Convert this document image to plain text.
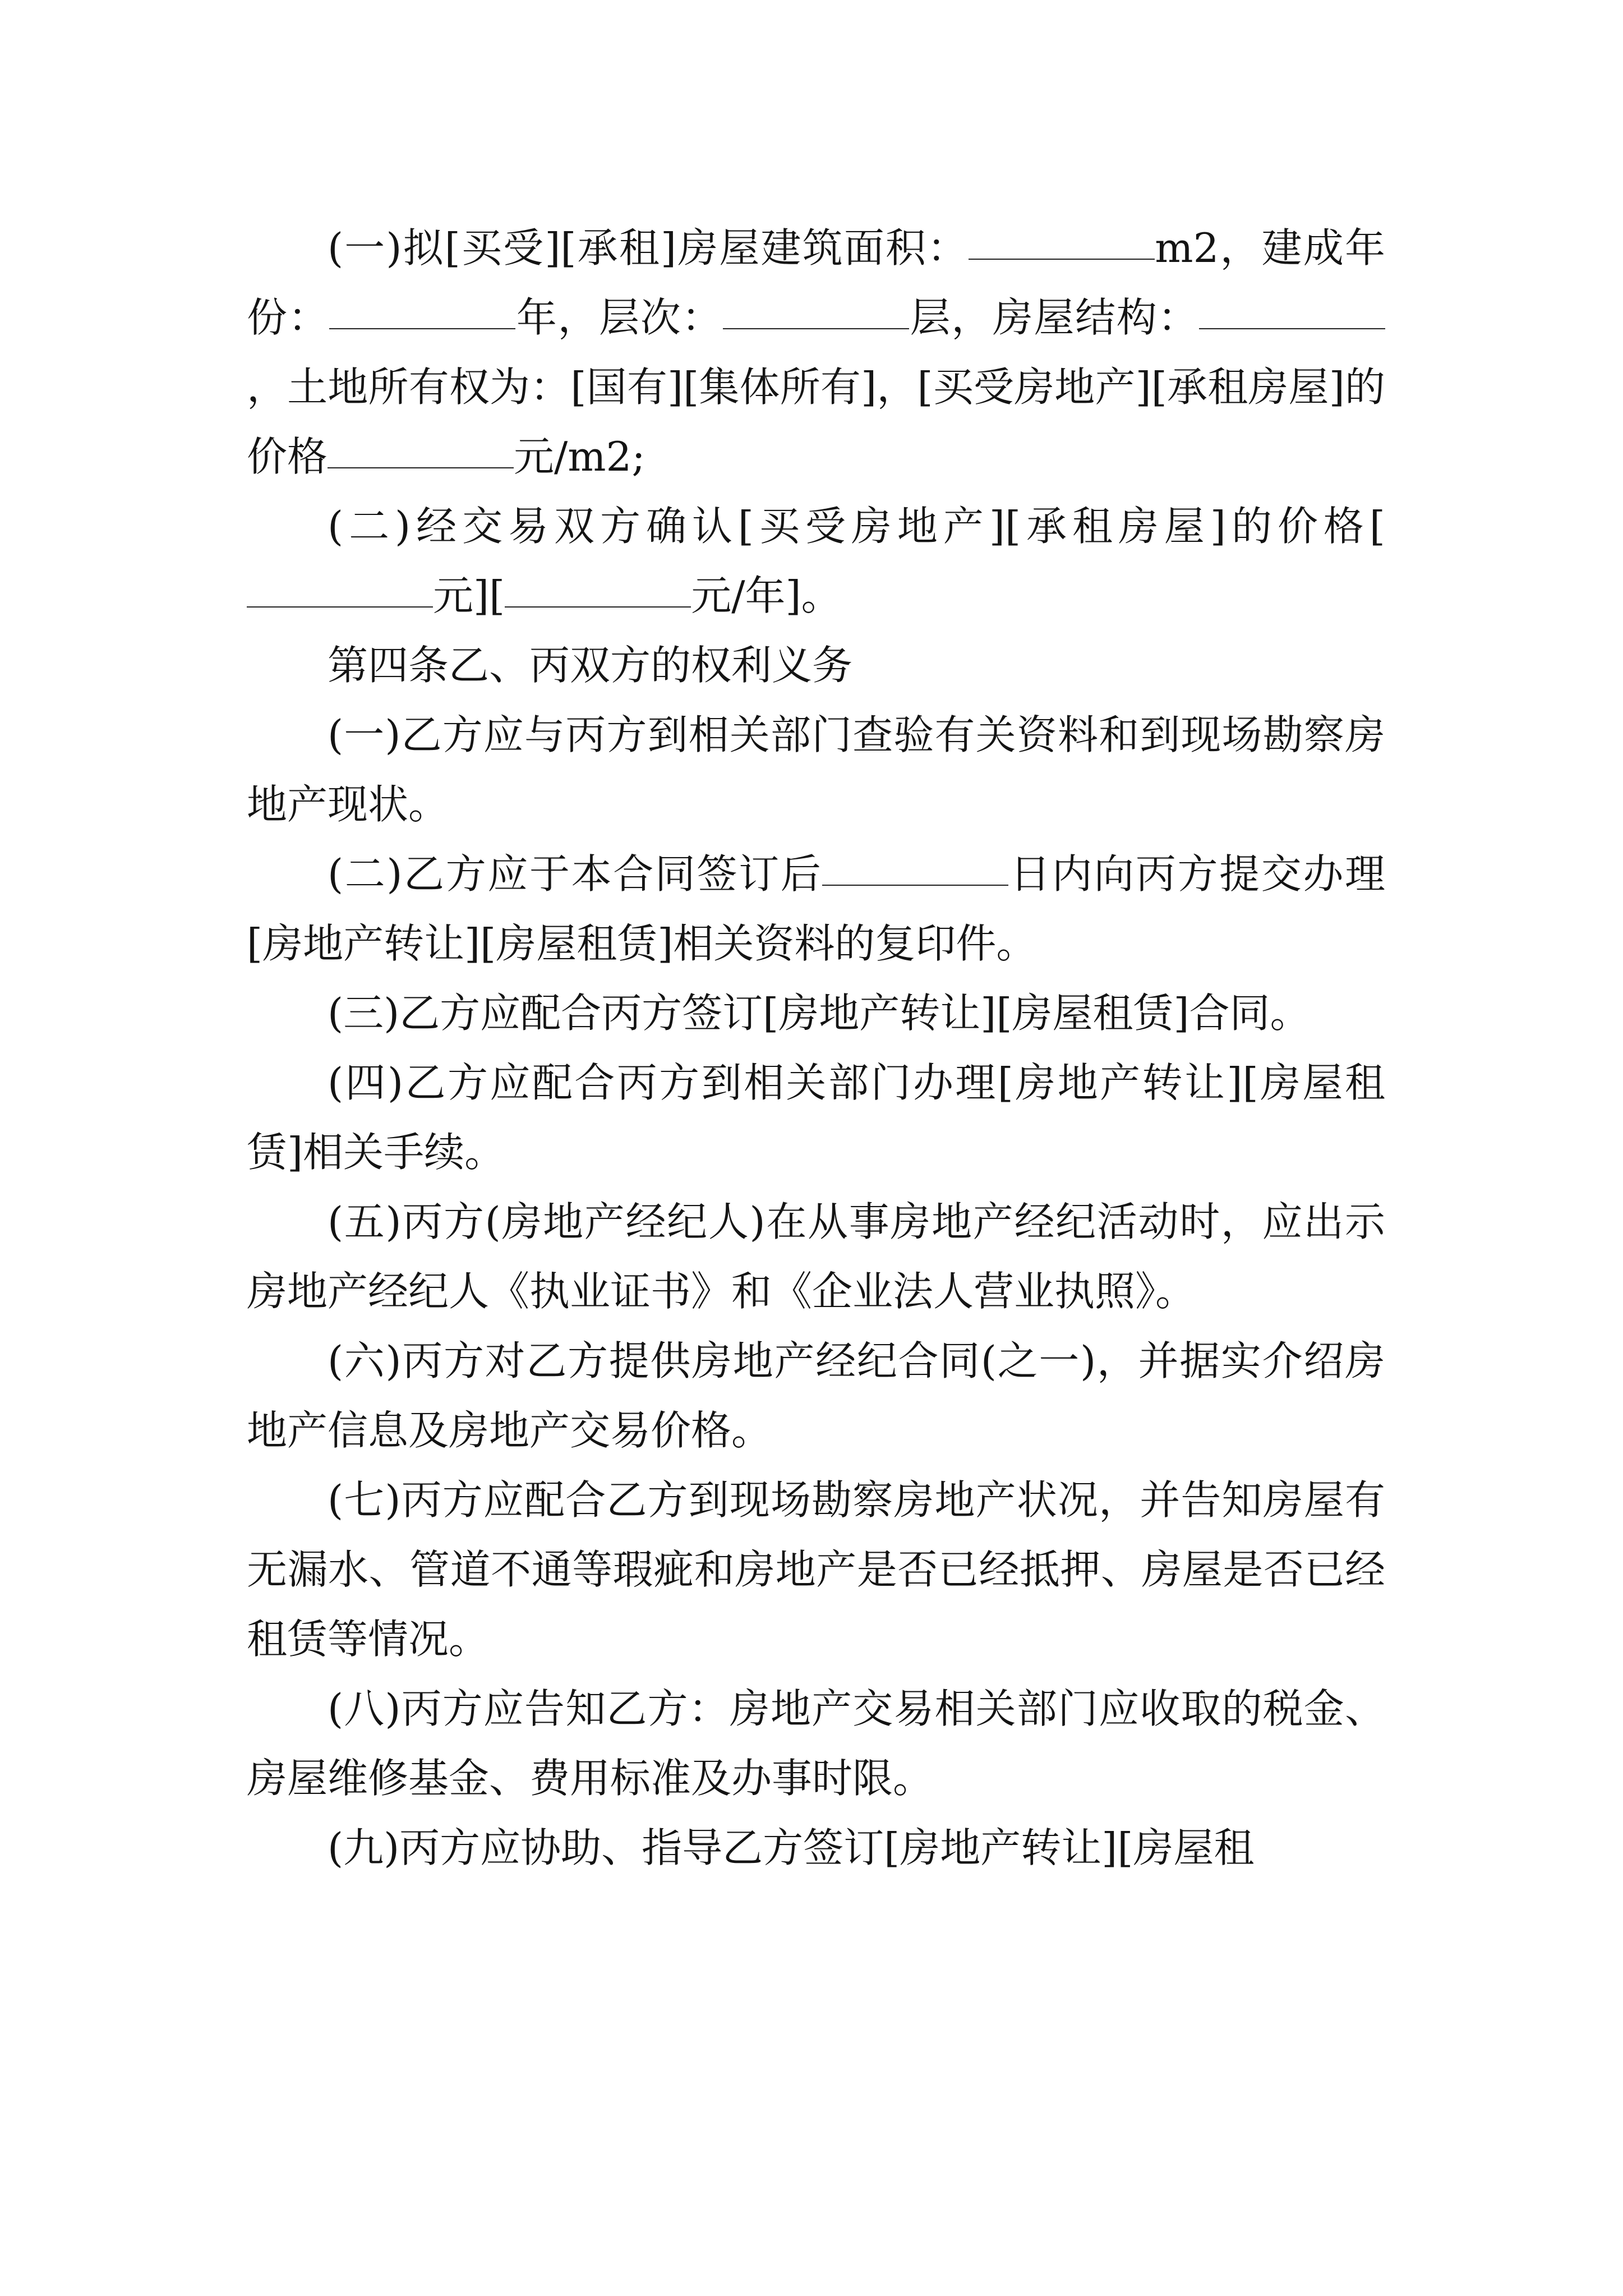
(一)拟[买受][承租]房屋建筑面积：	m2，建成年份：	年，层次：	层，房屋结构：，土地所有权为：[国有][集体所有]，[买受房地产][承租房屋]的价格	元/m2;

(二)经交易双方确认[买受房地产][承租房屋]的价格[元][	元/年]。

第四条乙、丙双方的权利义务

(一)乙方应与丙方到相关部门查验有关资料和到现场勘察房地产现状。

(二)乙方应于本合同签订后	日内向丙方提交办理[房地产转让][房屋租赁]相关资料的复印件。

(三)乙方应配合丙方签订[房地产转让][房屋租赁]合同。

(四)乙方应配合丙方到相关部门办理[房地产转让][房屋租赁]相关手续。

(五)丙方(房地产经纪人)在从事房地产经纪活动时，应出示房地产经纪人《执业证书》和《企业法人营业执照》。

(六)丙方对乙方提供房地产经纪合同(之一)，并据实介绍房地产信息及房地产交易价格。

(七)丙方应配合乙方到现场勘察房地产状况，并告知房屋有无漏水、管道不通等瑕疵和房地产是否已经抵押、房屋是否已经租赁等情况。

(八)丙方应告知乙方：房地产交易相关部门应收取的税金、房屋维修基金、费用标准及办事时限。

(九)丙方应协助、指导乙方签订[房地产转让][房屋租
